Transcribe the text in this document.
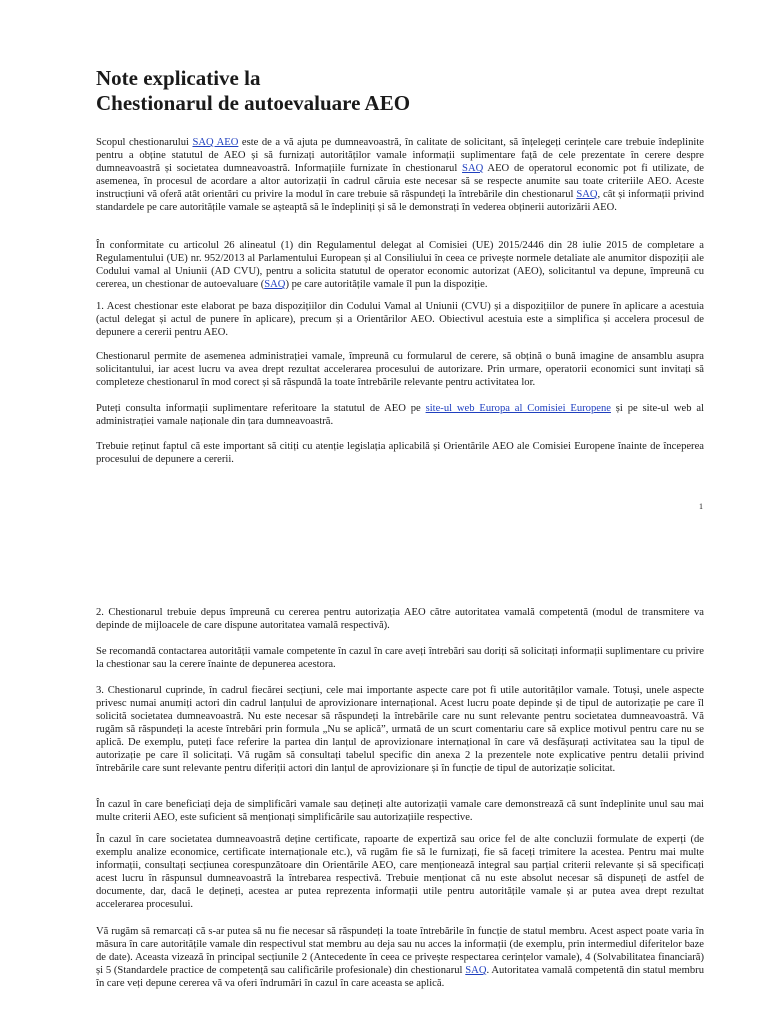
Note explicative la
Chestionarul de autoevaluare AEO

Scopul chestionarului SAQ AEO este de a vă ajuta pe dumneavoastră, în calitate de solicitant, să înțelegeți cerințele care trebuie îndeplinite pentru a obține statutul de AEO și să furnizați autorităților vamale informații suplimentare față de cele prezentate în cerere despre dumneavoastră și societatea dumneavoastră. Informațiile furnizate în chestionarul SAQ AEO de operatorul economic pot fi utilizate, de asemenea, în procesul de acordare a altor autorizații în cadrul căruia este necesar să se respecte anumite sau toate criteriile AEO. Aceste instrucțiuni vă oferă atât orientări cu privire la modul în care trebuie să răspundeți la întrebările din chestionarul SAQ, cât și informații privind standardele pe care autoritățile vamale se așteaptă să le îndepliniți și să le demonstrați în vederea obținerii autorizării AEO.

În conformitate cu articolul 26 alineatul (1) din Regulamentul delegat al Comisiei (UE) 2015/2446 din 28 iulie 2015 de completare a Regulamentului (UE) nr. 952/2013 al Parlamentului European și al Consiliului în ceea ce privește normele detaliate ale anumitor dispoziții ale Codului vamal al Uniunii (AD CVU), pentru a solicita statutul de operator economic autorizat (AEO), solicitantul va depune, împreună cu cererea, un chestionar de autoevaluare (SAQ) pe care autoritățile vamale îl pun la dispoziție.

1. Acest chestionar este elaborat pe baza dispozițiilor din Codului Vamal al Uniunii (CVU) și a dispozițiilor de punere în aplicare a acestuia (actul delegat și actul de punere în aplicare), precum și a Orientărilor AEO. Obiectivul acestuia este a simplifica și accelera procesul de depunere a cererii pentru AEO.

Chestionarul permite de asemenea administrației vamale, împreună cu formularul de cerere, să obțină o bună imagine de ansamblu asupra solicitantului, iar acest lucru va avea drept rezultat accelerarea procesului de autorizare. Prin urmare, operatorii economici sunt invitați să completeze chestionarul în mod corect și să răspundă la toate întrebările relevante pentru activitatea lor.

Puteți consulta informații suplimentare referitoare la statutul de AEO pe site-ul web Europa al Comisiei Europene și pe site-ul web al administrației vamale naționale din țara dumneavoastră.

Trebuie reținut faptul că este important să citiți cu atenție legislația aplicabilă și Orientările AEO ale Comisiei Europene înainte de începerea procesului de depunere a cererii.

1

2. Chestionarul trebuie depus împreună cu cererea pentru autorizația AEO către autoritatea vamală competentă (modul de transmitere va depinde de mijloacele de care dispune autoritatea vamală respectivă).

Se recomandă contactarea autorității vamale competente în cazul în care aveți întrebări sau doriți să solicitați informații suplimentare cu privire la chestionar sau la cerere înainte de depunerea acestora.

3. Chestionarul cuprinde, în cadrul fiecărei secțiuni, cele mai importante aspecte care pot fi utile autorităților vamale. Totuși, unele aspecte privesc numai anumiți actori din cadrul lanțului de aprovizionare internațional. Acest lucru poate depinde și de tipul de autorizație pe care îl solicită societatea dumneavoastră. Nu este necesar să răspundeți la întrebările care nu sunt relevante pentru societatea dumneavoastră. Vă rugăm să răspundeți la aceste întrebări prin formula „Nu se aplică”, urmată de un scurt comentariu care să explice motivul pentru care nu se aplică. De exemplu, puteți face referire la partea din lanțul de aprovizionare internațional în care vă desfășurați activitatea sau la tipul de autorizație pe care îl solicitați. Vă rugăm să consultați tabelul specific din anexa 2 la prezentele note explicative pentru detalii privind întrebările care sunt relevante pentru diferiții actori din lanțul de aprovizionare și în funcție de tipul de autorizație solicitat.

În cazul în care beneficiați deja de simplificări vamale sau dețineți alte autorizații vamale care demonstrează că sunt îndeplinite unul sau mai multe criterii AEO, este suficient să menționați simplificările sau autorizațiile respective.

În cazul în care societatea dumneavoastră deține certificate, rapoarte de expertiză sau orice fel de alte concluzii formulate de experți (de exemplu analize economice, certificate internaționale etc.), vă rugăm fie să le furnizați, fie să faceți trimitere la acestea. Pentru mai multe informații, consultați secțiunea corespunzătoare din Orientările AEO, care menționează integral sau parțial criterii relevante și să specificați acest lucru în răspunsul dumneavoastră la întrebarea respectivă. Trebuie menționat că nu este absolut necesar să dispuneți de astfel de documente, dar, dacă le dețineți, acestea ar putea reprezenta informații utile pentru autoritățile vamale și ar putea avea drept rezultat accelerarea procesului.

Vă rugăm să remarcați că s-ar putea să nu fie necesar să răspundeți la toate întrebările în funcție de statul membru. Acest aspect poate varia în măsura în care autoritățile vamale din respectivul stat membru au deja sau nu acces la informații (de exemplu, prin intermediul diferitelor baze de date). Aceasta vizează în principal secțiunile 2 (Antecedente în ceea ce privește respectarea cerințelor vamale), 4 (Solvabilitatea financiară) și 5 (Standardele practice de competență sau calificările profesionale) din chestionarul SAQ. Autoritatea vamală competentă din statul membru în care veți depune cererea vă va oferi îndrumări în cazul în care aceasta se aplică.
